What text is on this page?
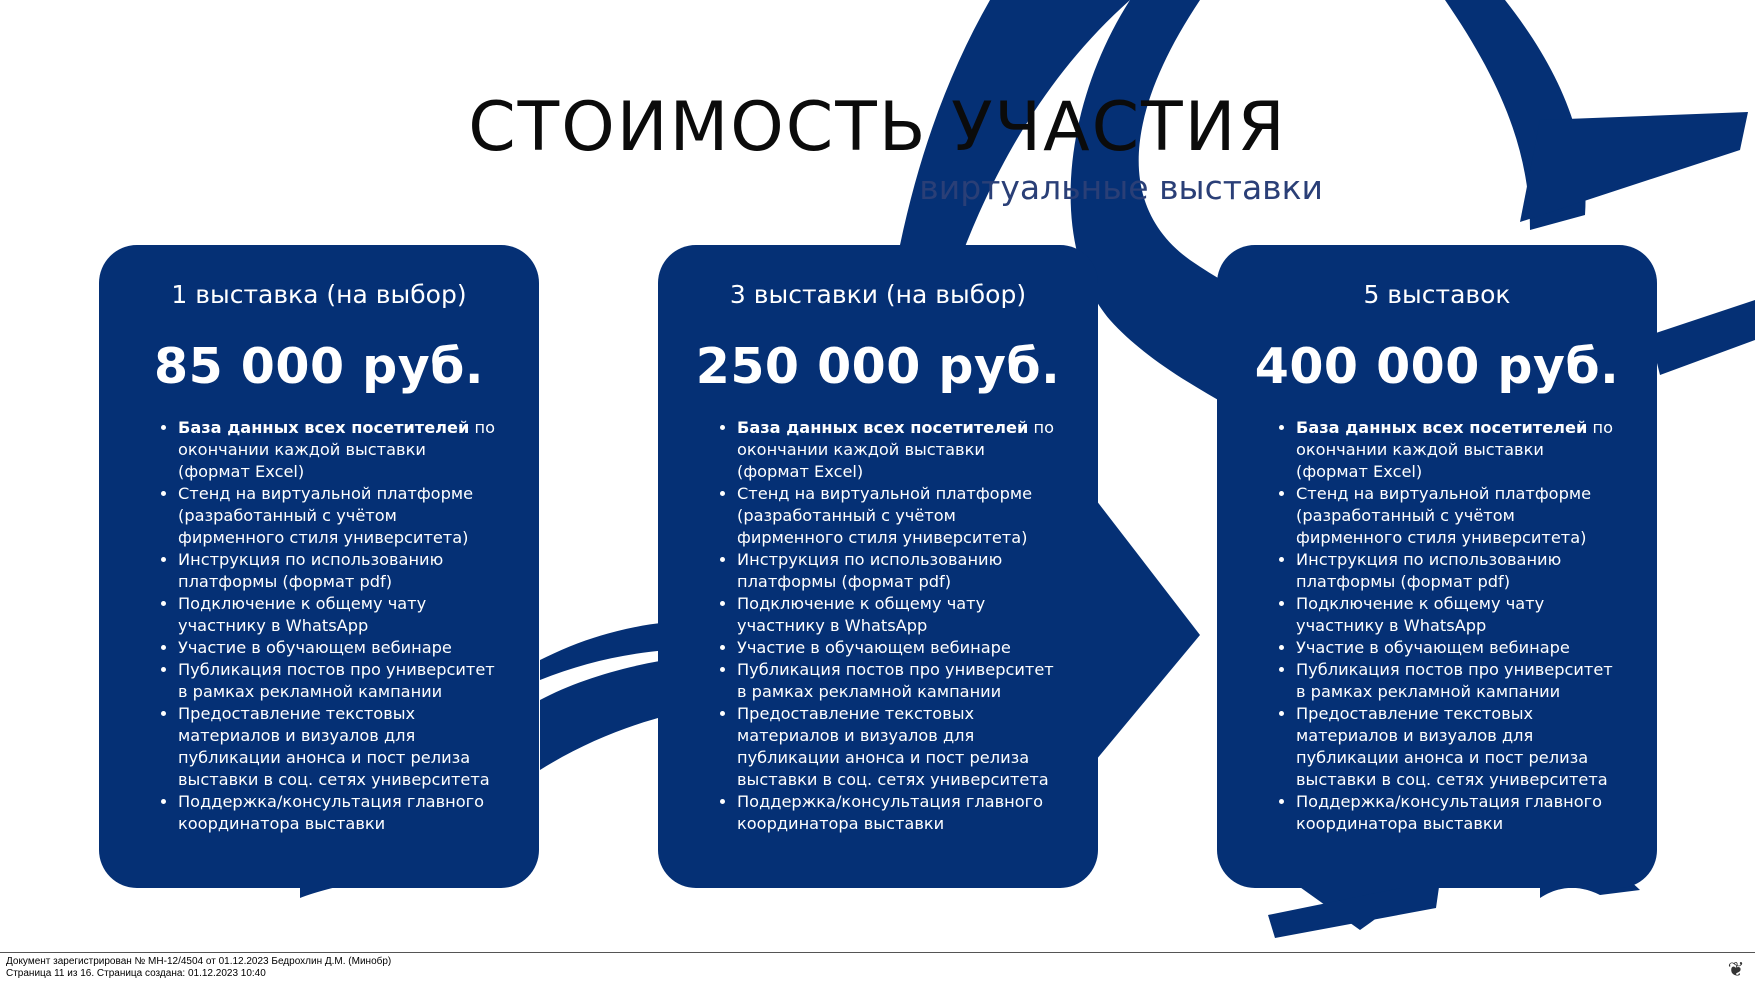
СТОИМОСТЬ УЧАСТИЯ
виртуальные выставки
1 выставка (на выбор)
85 000 руб.
• База данных всех посетителей по окончании каждой выставки (формат Excel)
• Стенд на виртуальной платформе (разработанный с учётом фирменного стиля университета)
• Инструкция по использованию платформы (формат pdf)
• Подключение к общему чату участнику в WhatsApp
• Участие в обучающем вебинаре
• Публикация постов про университет в рамках рекламной кампании
• Предоставление текстовых материалов и визуалов для публикации анонса и пост релиза выставки в соц. сетях университета
• Поддержка/консультация главного координатора выставки
3 выставки (на выбор)
250 000 руб.
• База данных всех посетителей по окончании каждой выставки (формат Excel)
• Стенд на виртуальной платформе (разработанный с учётом фирменного стиля университета)
• Инструкция по использованию платформы (формат pdf)
• Подключение к общему чату участнику в WhatsApp
• Участие в обучающем вебинаре
• Публикация постов про университет в рамках рекламной кампании
• Предоставление текстовых материалов и визуалов для публикации анонса и пост релиза выставки в соц. сетях университета
• Поддержка/консультация главного координатора выставки
5 выставок
400 000 руб.
• База данных всех посетителей по окончании каждой выставки (формат Excel)
• Стенд на виртуальной платформе (разработанный с учётом фирменного стиля университета)
• Инструкция по использованию платформы (формат pdf)
• Подключение к общему чату участнику в WhatsApp
• Участие в обучающем вебинаре
• Публикация постов про университет в рамках рекламной кампании
• Предоставление текстовых материалов и визуалов для публикации анонса и пост релиза выставки в соц. сетях университета
• Поддержка/консультация главного координатора выставки
Документ зарегистрирован № МН-12/4504 от 01.12.2023 Бедрохлин Д.М. (Минобр)
Страница 11 из 16. Страница создана: 01.12.2023 10:40	❦
